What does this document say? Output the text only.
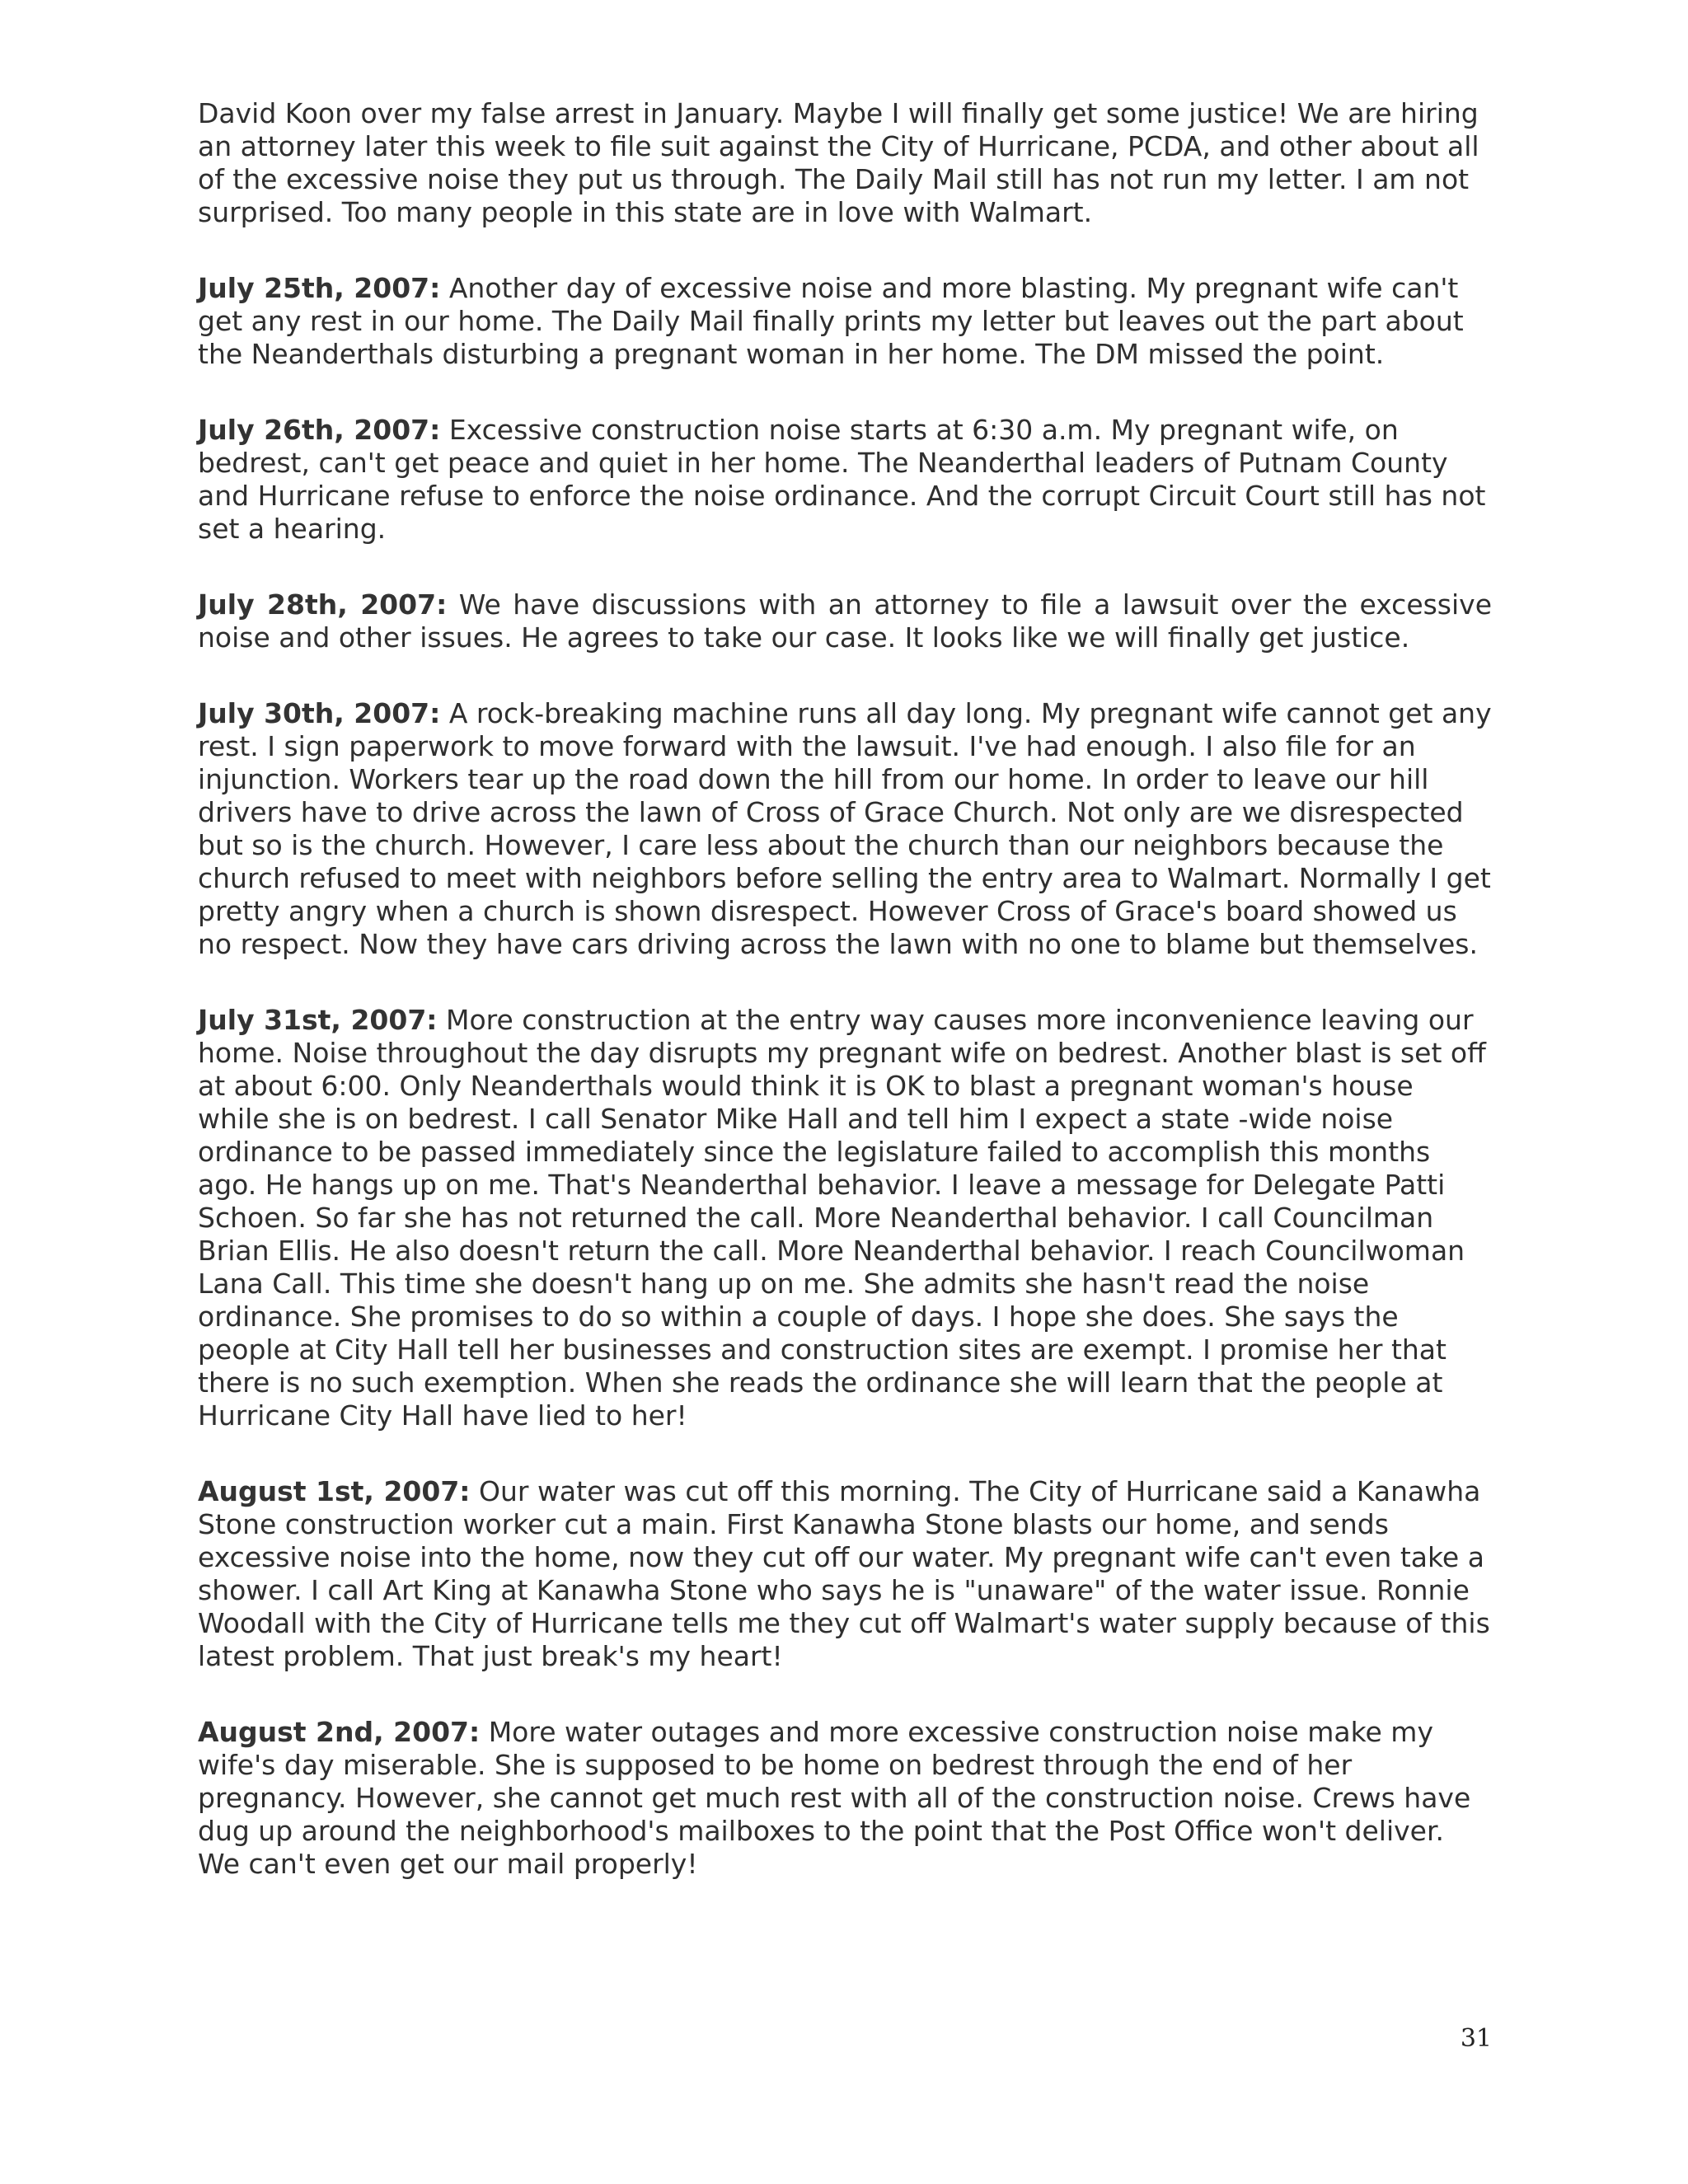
David Koon over my false arrest in January. Maybe I will finally get some justice! We are hiring an attorney later this week to file suit against the City of Hurricane, PCDA, and other about all of the excessive noise they put us through. The Daily Mail still has not run my letter. I am not surprised. Too many people in this state are in love with Walmart.

July 25th, 2007: Another day of excessive noise and more blasting. My pregnant wife can't get any rest in our home. The Daily Mail finally prints my letter but leaves out the part about the Neanderthals disturbing a pregnant woman in her home. The DM missed the point.

July 26th, 2007: Excessive construction noise starts at 6:30 a.m. My pregnant wife, on bedrest, can't get peace and quiet in her home. The Neanderthal leaders of Putnam County and Hurricane refuse to enforce the noise ordinance. And the corrupt Circuit Court still has not set a hearing.

July 28th, 2007: We have discussions with an attorney to file a lawsuit over the excessive noise and other issues. He agrees to take our case. It looks like we will finally get justice.

July 30th, 2007: A rock-breaking machine runs all day long. My pregnant wife cannot get any rest. I sign paperwork to move forward with the lawsuit. I've had enough. I also file for an injunction. Workers tear up the road down the hill from our home. In order to leave our hill drivers have to drive across the lawn of Cross of Grace Church. Not only are we disrespected but so is the church. However, I care less about the church than our neighbors because the church refused to meet with neighbors before selling the entry area to Walmart. Normally I get pretty angry when a church is shown disrespect. However Cross of Grace's board showed us no respect. Now they have cars driving across the lawn with no one to blame but themselves.

July 31st, 2007: More construction at the entry way causes more inconvenience leaving our home. Noise throughout the day disrupts my pregnant wife on bedrest. Another blast is set off at about 6:00. Only Neanderthals would think it is OK to blast a pregnant woman's house while she is on bedrest. I call Senator Mike Hall and tell him I expect a state -wide noise ordinance to be passed immediately since the legislature failed to accomplish this months ago. He hangs up on me. That's Neanderthal behavior. I leave a message for Delegate Patti Schoen. So far she has not returned the call. More Neanderthal behavior. I call Councilman Brian Ellis. He also doesn't return the call. More Neanderthal behavior. I reach Councilwoman Lana Call. This time she doesn't hang up on me. She admits she hasn't read the noise ordinance. She promises to do so within a couple of days. I hope she does. She says the people at City Hall tell her businesses and construction sites are exempt. I promise her that there is no such exemption. When she reads the ordinance she will learn that the people at Hurricane City Hall have lied to her!

August 1st, 2007: Our water was cut off this morning. The City of Hurricane said a Kanawha Stone construction worker cut a main. First Kanawha Stone blasts our home, and sends excessive noise into the home, now they cut off our water. My pregnant wife can't even take a shower. I call Art King at Kanawha Stone who says he is "unaware" of the water issue. Ronnie Woodall with the City of Hurricane tells me they cut off Walmart's water supply because of this latest problem. That just break's my heart!

August 2nd, 2007: More water outages and more excessive construction noise make my wife's day miserable. She is supposed to be home on bedrest through the end of her pregnancy. However, she cannot get much rest with all of the construction noise. Crews have dug up around the neighborhood's mailboxes to the point that the Post Office won't deliver. We can't even get our mail properly!

31
